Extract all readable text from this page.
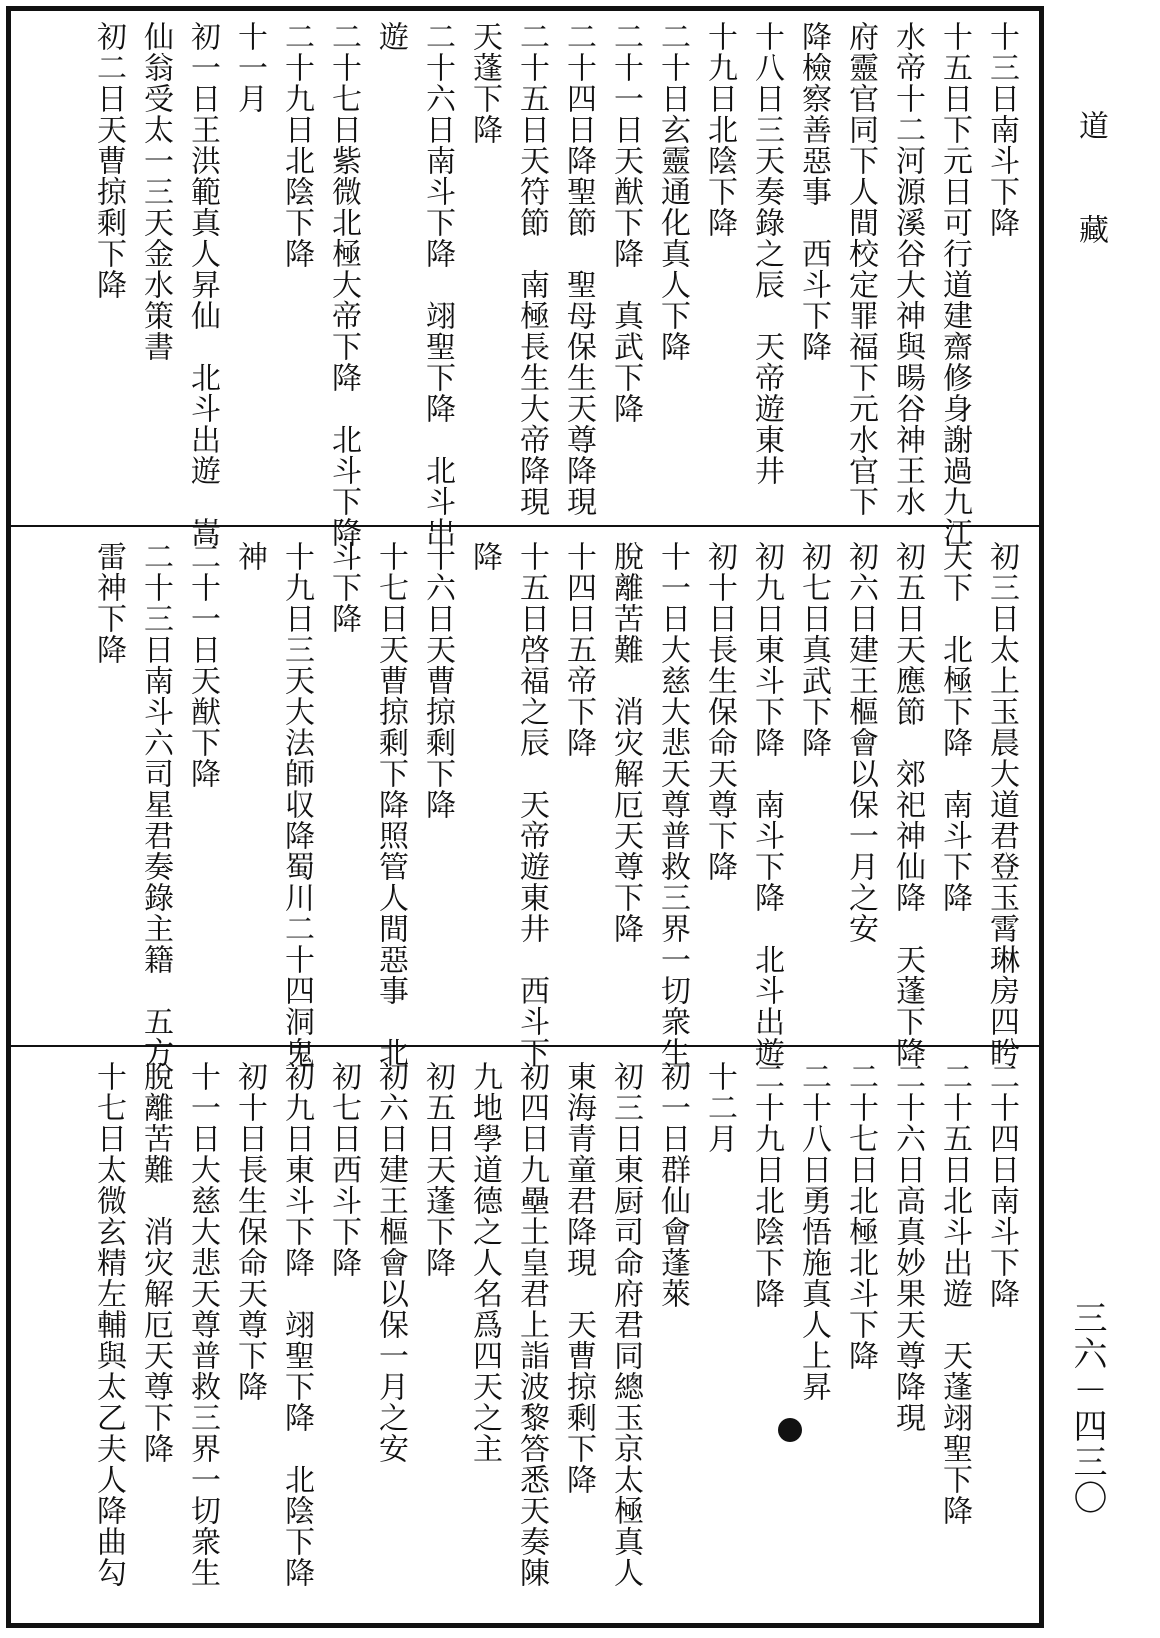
道藏
三六－四三〇
十三日南斗下降
十五日下元日可行道建齋修身謝過九江
水帝十二河源溪谷大神與暘谷神王水
府靈官同下人間校定罪福下元水官下
降檢察善惡事　西斗下降
十八日三天奏錄之辰　天帝遊東井
十九日北陰下降
二十日玄靈通化真人下降
二十一日天猷下降　真武下降
二十四日降聖節　聖母保生天尊降現
二十五日天符節　南極長生大帝降現
天蓬下降
二十六日南斗下降　翊聖下降　北斗出
遊
二十七日紫微北極大帝下降　北斗下降
二十九日北陰下降
十一月
初一日王洪範真人昇仙　北斗出遊　嵩
仙翁受太一三天金水策書
初二日天曹掠剩下降
初三日太上玉晨大道君登玉霄琳房四盻
天下　北極下降　南斗下降
初五日天應節　郊祀神仙降　天蓬下降
初六日建王樞會以保一月之安
初七日真武下降
初九日東斗下降　南斗下降　北斗出遊
初十日長生保命天尊下降
十一日大慈大悲天尊普救三界一切衆生
脫離苦難　消灾解厄天尊下降
十四日五帝下降
十五日啓福之辰　天帝遊東井　西斗下
降
十六日天曹掠剩下降
十七日天曹掠剩下降照管人間惡事　北
斗下降
十九日三天大法師収降蜀川二十四洞鬼
神
二十一日天猷下降
二十三日南斗六司星君奏錄主籍　五方
雷神下降
二十四日南斗下降
二十五日北斗出遊　天蓬翊聖下降
二十六日高真妙果天尊降現
二十七日北極北斗下降
二十八日勇悟施真人上昇
二十九日北陰下降
十二月
初一日群仙會蓬萊
初三日東厨司命府君同總玉京太極真人
東海青童君降現　天曹掠剩下降
初四日九壘土皇君上詣波黎答悉天奏陳
九地學道德之人名爲四天之主
初五日天蓬下降
初六日建王樞會以保一月之安
初七日西斗下降
初九日東斗下降　翊聖下降　北陰下降
初十日長生保命天尊下降
十一日大慈大悲天尊普救三界一切衆生
脫離苦難　消灾解厄天尊下降
十七日太微玄精左輔與太乙夫人降曲勾
